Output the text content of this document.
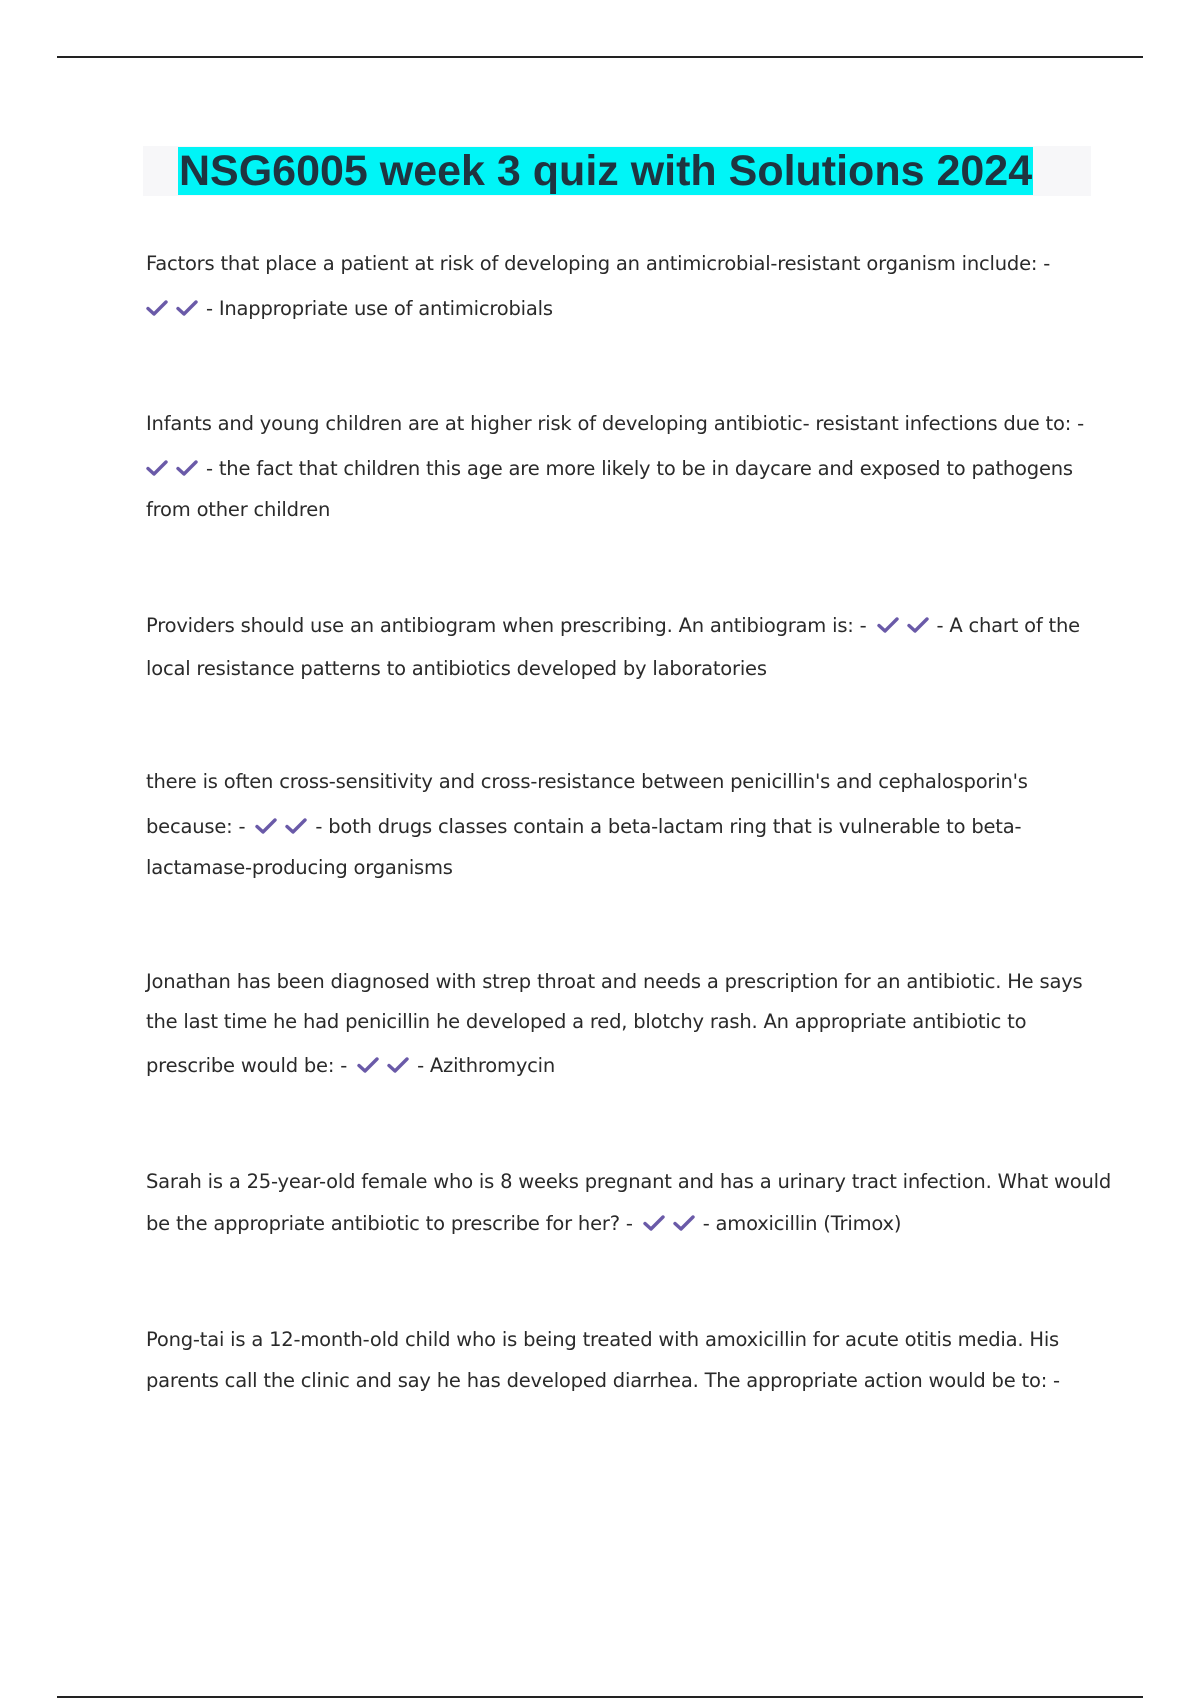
NSG6005 week 3 quiz with Solutions 2024
Factors that place a patient at risk of developing an antimicrobial-resistant organism include: -
- Inappropriate use of antimicrobials
Infants and young children are at higher risk of developing antibiotic- resistant infections due to: -
- the fact that children this age are more likely to be in daycare and exposed to pathogens
from other children
Providers should use an antibiogram when prescribing. An antibiogram is: -	- A chart of the
local resistance patterns to antibiotics developed by laboratories
there is often cross-sensitivity and cross-resistance between penicillin's and cephalosporin's
because: -	- both drugs classes contain a beta-lactam ring that is vulnerable to beta-
lactamase-producing organisms
Jonathan has been diagnosed with strep throat and needs a prescription for an antibiotic. He says
the last time he had penicillin he developed a red, blotchy rash. An appropriate antibiotic to
prescribe would be: -	- Azithromycin
Sarah is a 25-year-old female who is 8 weeks pregnant and has a urinary tract infection. What would
be the appropriate antibiotic to prescribe for her? -	- amoxicillin (Trimox)
Pong-tai is a 12-month-old child who is being treated with amoxicillin for acute otitis media. His
parents call the clinic and say he has developed diarrhea. The appropriate action would be to: -
